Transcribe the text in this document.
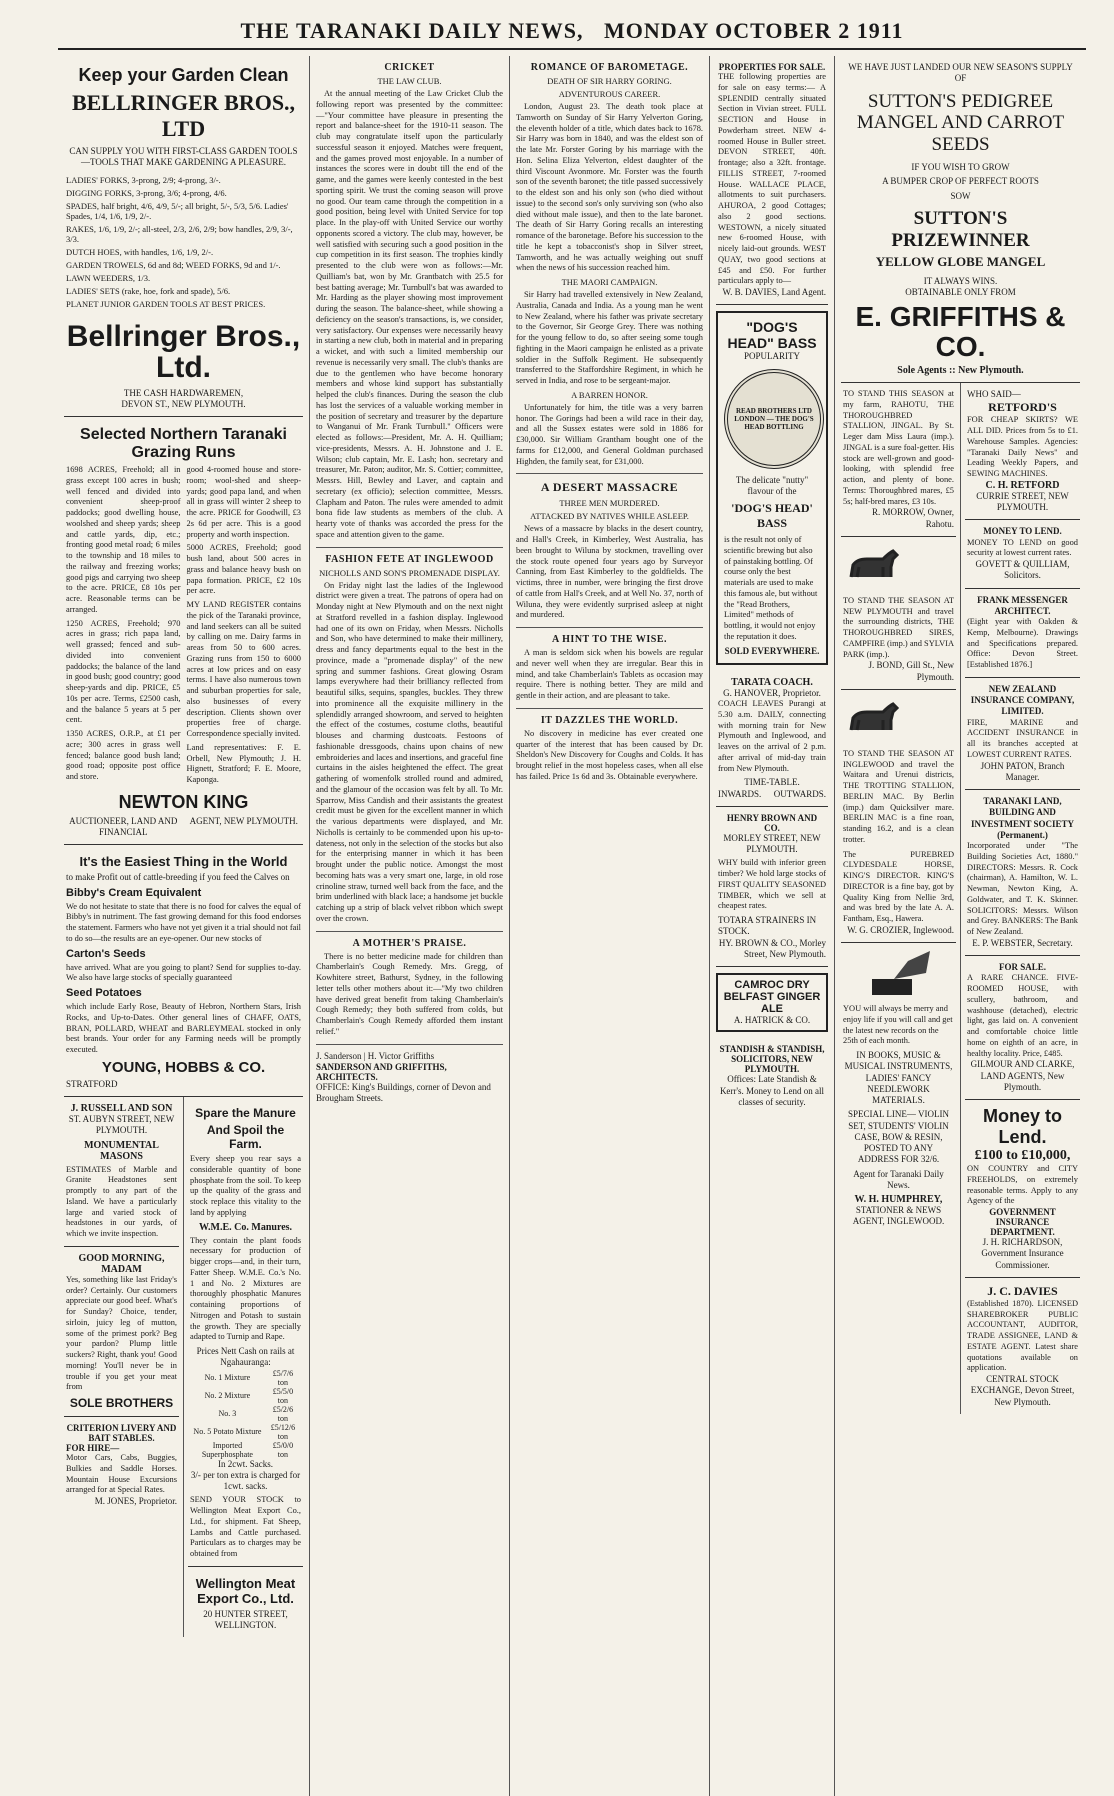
THE TARANAKI DAILY NEWS, MONDAY OCTOBER 2 1911
Keep your Garden Clean
BELLRINGER BROS., LTD
CAN SUPPLY YOU WITH FIRST-CLASS GARDEN TOOLS—TOOLS THAT MAKE GARDENING A PLEASURE.
LADIES' FORKS, 3-prong, 2/9; 4-prong, 3/-.
DIGGING FORKS, 3-prong, 3/6; 4-prong, 4/6.
SPADES, half bright, 4/6, 4/9, 5/-; all bright, 5/-, 5/3, 5/6. Ladies' Spades, 1/4, 1/6, 1/9, 2/-.
RAKES, 1/6, 1/9, 2/-; all-steel, 2/3, 2/6, 2/9; bow handles, 2/9, 3/-, 3/3.
DUTCH HOES, with handles, 1/6, 1/9, 2/-.
GARDEN TROWELS, 6d and 8d; WEED FORKS, 9d and 1/-.
LAWN WEEDERS, 1/3.
LADIES' SETS (rake, hoe, fork and spade), 5/6.
PLANET JUNIOR GARDEN TOOLS AT BEST PRICES.
Bellringer Bros., Ltd.
THE CASH HARDWAREMEN,
DEVON ST., NEW PLYMOUTH.
Selected Northern Taranaki Grazing Runs

1698 ACRES, Freehold; all in grass except 100 acres in bush; well fenced and divided into convenient sheep-proof paddocks; good dwelling house, woolshed and sheep yards; sheep and cattle yards, dip, etc.; fronting good metal road; 6 miles to the township and 18 miles to the railway and freezing works; good pigs and carrying two sheep to the acre. PRICE, £8 10s per acre. Reasonable terms can be arranged.

1250 ACRES, Freehold; 970 acres in grass; rich papa land, well grassed; fenced and sub-divided into convenient paddocks; the balance of the land in good bush; good country; good sheep-yards and dip. PRICE, £5 10s per acre. Terms, £2500 cash, and the balance 5 years at 5 per cent.

1350 ACRES, O.R.P., at £1 per acre; 300 acres in grass well fenced; balance good bush land; good road; opposite post office and store.

good 4-roomed house and store-room; wool-shed and sheep-yards; good papa land, and when all in grass will winter 2 sheep to the acre. PRICE for Goodwill, £3 2s 6d per acre. This is a good property and worth inspection.

5000 ACRES, Freehold; good bush land, about 500 acres in grass and balance heavy bush on papa formation. PRICE, £2 10s per acre.

MY LAND REGISTER contains the pick of the Taranaki province, and land seekers can all be suited by calling on me. Dairy farms in areas from 50 to 600 acres. Grazing runs from 150 to 6000 acres at low prices and on easy terms. I have also numerous town and suburban properties for sale, also businesses of every description. Clients shown over properties free of charge. Correspondence specially invited.

Land representatives: F. E. Orbell, New Plymouth; J. H. Hignett, Stratford; F. E. Moore, Kaponga.

NEWTON KING
AUCTIONEER, LAND AND FINANCIAL
AGENT, NEW PLYMOUTH.
It's the Easiest Thing in the World
to make Profit out of cattle-breeding if you feed the Calves on
Bibby's Cream Equivalent
We do not hesitate to state that there is no food for calves the equal of Bibby's in nutriment. The fast growing demand for this food endorses the statement. Farmers who have not yet given it a trial should not fail to do so—the results are an eye-opener. Our new stocks of
Carton's Seeds
have arrived. What are you going to plant? Send for supplies to-day. We also have large stocks of specially guaranteed
Seed Potatoes
which include Early Rose, Beauty of Hebron, Northern Stars, Irish Rocks, and Up-to-Dates. Other general lines of CHAFF, OATS, BRAN, POLLARD, WHEAT and BARLEYMEAL stocked in only best brands. Your order for any Farming needs will be promptly executed.
YOUNG, HOBBS & CO.
STRATFORD
J. RUSSELL AND SON
ST. AUBYN STREET, NEW PLYMOUTH.
MONUMENTAL MASONS
ESTIMATES of Marble and Granite Headstones sent promptly to any part of the Island. We have a particularly large and varied stock of headstones in our yards, of which we invite inspection.
GOOD MORNING, MADAM
Yes, something like last Friday's order? Certainly. Our customers appreciate our good beef. What's for Sunday? Choice, tender, sirloin, juicy leg of mutton, some of the primest pork? Beg your pardon? Plump little suckers? Right, thank you! Good morning! You'll never be in trouble if you get your meat from
SOLE BROTHERS
CRITERION LIVERY AND BAIT STABLES.
FOR HIRE—
Motor Cars, Cabs, Buggies, Bulkies and Saddle Horses. Mountain House Excursions arranged for at Special Rates.
M. JONES, Proprietor.
Spare the Manure
And Spoil the Farm.
Every sheep you rear says a considerable quantity of bone phosphate from the soil. To keep up the quality of the grass and stock replace this vitality to the land by applying
W.M.E. Co. Manures.
They contain the plant foods necessary for production of bigger crops—and, in their turn, Fatter Sheep. W.M.E. Co.'s No. 1 and No. 2 Mixtures are thoroughly phosphatic Manures containing proportions of Nitrogen and Potash to sustain the growth. They are specially adapted to Turnip and Rape.
Prices Nett Cash on rails at Ngahauranga:
No. 1 Mixture	£5/7/6 ton
No. 2 Mixture	£5/5/0 ton
No. 3	£5/2/6 ton
No. 5 Potato Mixture	£5/12/6 ton
Imported Superphosphate	£5/0/0 ton
In 2cwt. Sacks.
3/- per ton extra is charged for 1cwt. sacks.
SEND YOUR STOCK to Wellington Meat Export Co., Ltd., for shipment. Fat Sheep, Lambs and Cattle purchased. Particulars as to charges may be obtained from
Wellington Meat Export Co., Ltd.
20 HUNTER STREET, WELLINGTON.
CRICKET
THE LAW CLUB.

At the annual meeting of the Law Cricket Club the following report was presented by the committee:—"Your committee have pleasure in presenting the report and balance-sheet for the 1910-11 season. The club may congratulate itself upon the particularly successful season it enjoyed. Matches were frequent, and the games proved most enjoyable. In a number of instances the scores were in doubt till the end of the game, and the games were keenly contested in the best sporting spirit. We trust the coming season will prove no good. Our team came through the competition in a good position, being level with United Service for top place. In the play-off with United Service our worthy opponents scored a victory. The club may, however, be well satisfied with securing such a good position in the cup competition in its first season. The trophies kindly presented to the club were won as follows:—Mr. Quilliam's bat, won by Mr. Grantbatch with 25.5 for best batting average; Mr. Turnbull's bat was awarded to Mr. Harding as the player showing most improvement during the season. The balance-sheet, while showing a deficiency on the season's transactions, is, we consider, very satisfactory. Our expenses were necessarily heavy in starting a new club, both in material and in preparing a wicket, and with such a limited membership our revenue is necessarily very small. The club's thanks are due to the gentlemen who have become honorary members and whose kind support has substantially helped the club's finances. During the season the club has lost the services of a valuable working member in the position of secretary and treasurer by the departure to Wanganui of Mr. Frank Turnbull." Officers were elected as follows:—President, Mr. A. H. Quilliam; vice-presidents, Messrs. A. H. Johnstone and J. E. Wilson; club captain, Mr. E. Lash; hon. secretary and treasurer, Mr. Paton; auditor, Mr. S. Cottier; committee, Messrs. Hill, Bewley and Laver, and captain and secretary (ex officio); selection committee, Messrs. Clapham and Paton. The rules were amended to admit bona fide law students as members of the club. A hearty vote of thanks was accorded the press for the space and attention given to the game.

FASHION FETE AT INGLEWOOD
NICHOLLS AND SON'S PROMENADE DISPLAY.

On Friday night last the ladies of the Inglewood district were given a treat. The patrons of opera had on Monday night at New Plymouth and on the next night at Stratford revelled in a fashion display. Inglewood had one of its own on Friday, when Messrs. Nicholls and Son, who have determined to make their millinery, dress and fancy departments equal to the best in the province, made a "promenade display" of the new spring and summer fashions. Great glowing Osram lamps everywhere had their brilliancy reflected from beautiful silks, sequins, spangles, buckles. They threw into prominence all the exquisite millinery in the splendidly arranged showroom, and served to heighten the effect of the costumes, costume cloths, beautiful blouses and charming dustcoats. Festoons of fashionable dressgoods, chains upon chains of new embroideries and laces and insertions, and graceful fine curtains in the aisles heightened the effect. The great gathering of womenfolk strolled round and admired, and the glamour of the occasion was felt by all. To Mr. Sparrow, Miss Candish and their assistants the greatest credit must be given for the excellent manner in which the various departments were displayed, and Mr. Nicholls is certainly to be commended upon his up-to-dateness, not only in the selection of the stocks but also for the enterprising manner in which it has been brought under the public notice. Amongst the most becoming hats was a very smart one, large, in old rose crinoline straw, turned well back from the face, and the brim underlined with black lace; a handsome jet buckle catching up a strip of black velvet ribbon which swept over the crown.

A MOTHER'S PRAISE.

There is no better medicine made for children than Chamberlain's Cough Remedy. Mrs. Gregg, of Kowhitere street, Bathurst, Sydney, in the following letter tells other mothers about it:—"My two children have derived great benefit from taking Chamberlain's Cough Remedy; they both suffered from colds, but Chamberlain's Cough Remedy afforded them instant relief."

J. Sanderson | H. Victor Griffiths
SANDERSON AND GRIFFITHS, ARCHITECTS.
OFFICE: King's Buildings, corner of Devon and Brougham Streets.
ROMANCE OF BAROMETAGE.
DEATH OF SIR HARRY GORING.
ADVENTUROUS CAREER.

London, August 23. The death took place at Tamworth on Sunday of Sir Harry Yelverton Goring, the eleventh holder of a title, which dates back to 1678. Sir Harry was born in 1840, and was the eldest son of the late Mr. Forster Goring by his marriage with the Hon. Selina Eliza Yelverton, eldest daughter of the third Viscount Avonmore. Mr. Forster was the fourth son of the seventh baronet; the title passed successively to the eldest son and his only son (who died without issue) to the second son's only surviving son (who also died without male issue), and then to the late baronet. The death of Sir Harry Goring recalls an interesting romance of the baronetage. Before his succession to the title he kept a tobacconist's shop in Silver street, Tamworth, and he was actually weighing out snuff when the news of his succession reached him.

THE MAORI CAMPAIGN.

Sir Harry had travelled extensively in New Zealand, Australia, Canada and India. As a young man he went to New Zealand, where his father was private secretary to the Governor, Sir George Grey. There was nothing for the young fellow to do, so after seeing some tough fighting in the Maori campaign he enlisted as a private soldier in the Suffolk Regiment. He subsequently transferred to the Staffordshire Regiment, in which he served in India, and rose to be sergeant-major.

A BARREN HONOR.

Unfortunately for him, the title was a very barren honor. The Gorings had been a wild race in their day, and all the Sussex estates were sold in 1886 for £30,000. Sir William Grantham bought one of the farms for £12,000, and General Goldman purchased Highden, the family seat, for £31,000.

A DESERT MASSACRE
THREE MEN MURDERED.
ATTACKED BY NATIVES WHILE ASLEEP.

News of a massacre by blacks in the desert country, and Hall's Creek, in Kimberley, West Australia, has been brought to Wiluna by stockmen, travelling over the stock route opened four years ago by Surveyor Canning, from East Kimberley to the goldfields. The victims, three in number, were bringing the first drove of cattle from Hall's Creek, and at Well No. 37, north of Wiluna, they were evidently surprised asleep at night and murdered.

A HINT TO THE WISE.

A man is seldom sick when his bowels are regular and never well when they are irregular. Bear this in mind, and take Chamberlain's Tablets as occasion may require. There is nothing better. They are mild and gentle in their action, and are pleasant to take.

IT DAZZLES THE WORLD.

No discovery in medicine has ever created one quarter of the interest that has been caused by Dr. Sheldon's New Discovery for Coughs and Colds. It has brought relief in the most hopeless cases, when all else has failed. Price 1s 6d and 3s. Obtainable everywhere.

PROPERTIES FOR SALE.
THE following properties are for sale on easy terms:— A SPLENDID centrally situated Section in Vivian street. FULL SECTION and House in Powderham street. NEW 4-roomed House in Buller street. DEVON STREET, 40ft. frontage; also a 32ft. frontage. FILLIS STREET, 7-roomed House. WALLACE PLACE, allotments to suit purchasers. AHUROA, 2 good Cottages; also 2 good sections. WESTOWN, a nicely situated new 6-roomed House, with nicely laid-out grounds. WEST QUAY, two good sections at £45 and £50. For further particulars apply to—
W. B. DAVIES, Land Agent.
"DOG'S HEAD" BASS
POPULARITY
READ BROTHERS LTD LONDON — THE DOG'S HEAD BOTTLING
The delicate "nutty" flavour of the
'DOG'S HEAD' BASS
is the result not only of scientific brewing but also of painstaking bottling. Of course only the best materials are used to make this famous ale, but without the "Read Brothers, Limited" methods of bottling, it would not enjoy the reputation it does.
SOLD EVERYWHERE.
TARATA COACH.
G. HANOVER, Proprietor.
COACH LEAVES Purangi at 5.30 a.m. DAILY, connecting with morning train for New Plymouth and Inglewood, and leaves on the arrival of 2 p.m. after arrival of mid-day train from New Plymouth.
TIME-TABLE.
INWARDS.	OUTWARDS.
HENRY BROWN AND CO.
MORLEY STREET, NEW PLYMOUTH.
WHY build with inferior green timber? We hold large stocks of FIRST QUALITY SEASONED TIMBER, which we sell at cheapest rates.
TOTARA STRAINERS IN STOCK.
HY. BROWN & CO., Morley Street, New Plymouth.
CAMROC DRY BELFAST GINGER ALE
A. HATRICK & CO.
STANDISH & STANDISH, SOLICITORS, NEW PLYMOUTH.
Offices: Late Standish & Kerr's. Money to Lend on all classes of security.
WE HAVE JUST LANDED OUR NEW SEASON'S SUPPLY OF
SUTTON'S PEDIGREE MANGEL AND CARROT SEEDS
IF YOU WISH TO GROW
A BUMPER CROP OF PERFECT ROOTS
SOW
SUTTON'S PRIZEWINNER
YELLOW GLOBE MANGEL
IT ALWAYS WINS.
OBTAINABLE ONLY FROM
E. GRIFFITHS & CO.
Sole Agents :: New Plymouth.
TO STAND THIS SEASON at my farm, RAHOTU, THE THOROUGHBRED STALLION, JINGAL. By St. Leger dam Miss Laura (imp.). JINGAL is a sure foal-getter. His stock are well-grown and good-looking, with splendid free action, and plenty of bone. Terms: Thoroughbred mares, £5 5s; half-bred mares, £3 10s.
R. MORROW, Owner, Rahotu.
TO STAND THE SEASON AT NEW PLYMOUTH and travel the surrounding districts, THE THOROUGHBRED SIRES, CAMPFIRE (imp.) and SYLVIA PARK (imp.).
J. BOND, Gill St., New Plymouth.
TO STAND THE SEASON AT INGLEWOOD and travel the Waitara and Urenui districts, THE TROTTING STALLION, BERLIN MAC. By Berlin (imp.) dam Quicksilver mare. BERLIN MAC is a fine roan, standing 16.2, and is a clean trotter.
The PUREBRED CLYDESDALE HORSE, KING'S DIRECTOR. KING'S DIRECTOR is a fine bay, got by Quality King from Nellie 3rd, and was bred by the late A. A. Fantham, Esq., Hawera.
W. G. CROZIER, Inglewood.
YOU will always be merry and enjoy life if you will call and get the latest new records on the 25th of each month.
IN BOOKS, MUSIC & MUSICAL INSTRUMENTS, LADIES' FANCY NEEDLEWORK MATERIALS.
SPECIAL LINE— VIOLIN SET, STUDENTS' VIOLIN CASE, BOW & RESIN, POSTED TO ANY ADDRESS FOR 32/6.
Agent for Taranaki Daily News.
W. H. HUMPHREY,
STATIONER & NEWS AGENT, INGLEWOOD.
WHO SAID—
RETFORD'S
FOR CHEAP SKIRTS? WE ALL DID. Prices from 5s to £1. Warehouse Samples. Agencies: "Taranaki Daily News" and Leading Weekly Papers, and SEWING MACHINES.
C. H. RETFORD
CURRIE STREET, NEW PLYMOUTH.
MONEY TO LEND.
MONEY TO LEND on good security at lowest current rates.
GOVETT & QUILLIAM, Solicitors.
FRANK MESSENGER ARCHITECT.
(Eight year with Oakden & Kemp, Melbourne). Drawings and Specifications prepared. Office: Devon Street. [Established 1876.]
NEW ZEALAND INSURANCE COMPANY, LIMITED.
FIRE, MARINE and ACCIDENT INSURANCE in all its branches accepted at LOWEST CURRENT RATES.
JOHN PATON, Branch Manager.
TARANAKI LAND, BUILDING AND INVESTMENT SOCIETY (Permanent.)
Incorporated under "The Building Societies Act, 1880." DIRECTORS: Messrs. R. Cock (chairman), A. Hamilton, W. L. Newman, Newton King, A. Goldwater, and T. K. Skinner. SOLICITORS: Messrs. Wilson and Grey. BANKERS: The Bank of New Zealand.
E. P. WEBSTER, Secretary.
FOR SALE.
A RARE CHANCE. FIVE-ROOMED HOUSE, with scullery, bathroom, and washhouse (detached), electric light, gas laid on. A convenient and comfortable choice little home on eighth of an acre, in healthy locality. Price, £485.
GILMOUR AND CLARKE, LAND AGENTS, New Plymouth.
Money to Lend.
£100 to £10,000,
ON COUNTRY and CITY FREEHOLDS, on extremely reasonable terms. Apply to any Agency of the
GOVERNMENT INSURANCE DEPARTMENT.
J. H. RICHARDSON, Government Insurance Commissioner.
J. C. DAVIES
(Established 1870). LICENSED SHAREBROKER PUBLIC ACCOUNTANT, AUDITOR, TRADE ASSIGNEE, LAND & ESTATE AGENT. Latest share quotations available on application.
CENTRAL STOCK EXCHANGE, Devon Street, New Plymouth.
